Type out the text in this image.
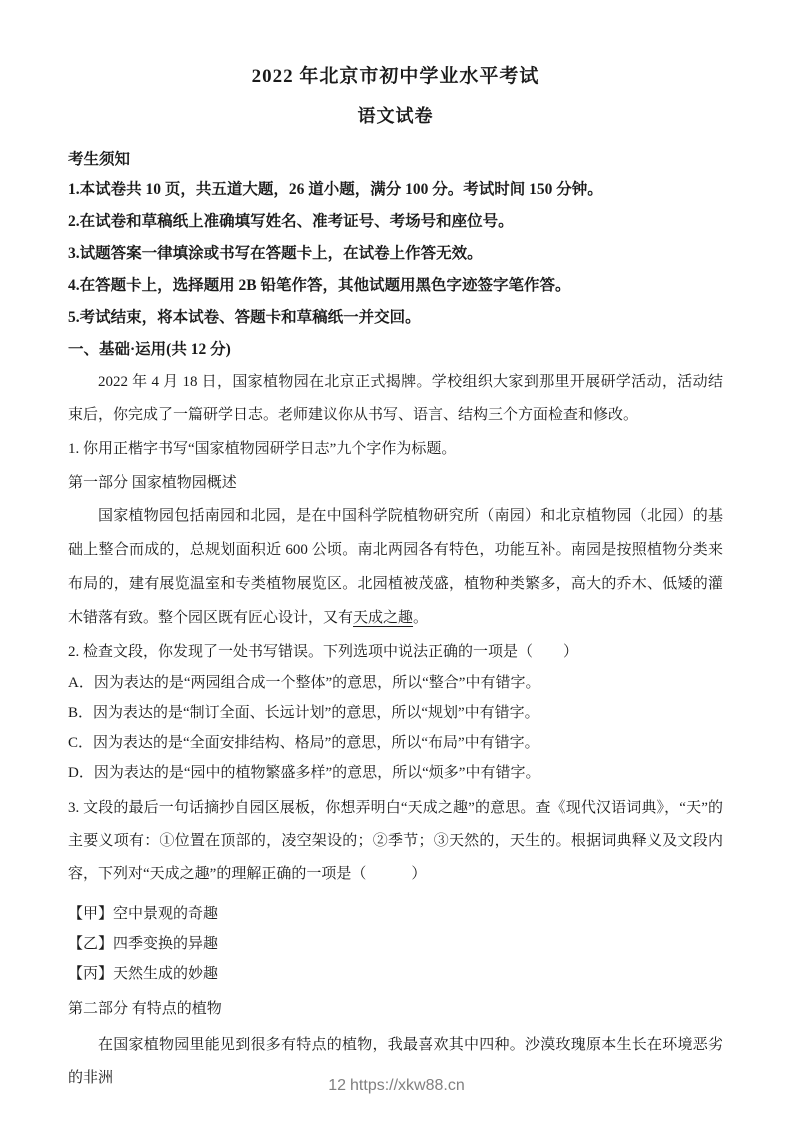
2022 年北京市初中学业水平考试
语文试卷
考生须知

1.本试卷共 10 页，共五道大题，26 道小题，满分 100 分。考试时间 150 分钟。

2.在试卷和草稿纸上准确填写姓名、准考证号、考场号和座位号。

3.试题答案一律填涂或书写在答题卡上，在试卷上作答无效。

4.在答题卡上，选择题用 2B 铅笔作答，其他试题用黑色字迹签字笔作答。

5.考试结束，将本试卷、答题卡和草稿纸一并交回。

一、基础·运用(共 12 分)

2022 年 4 月 18 日，国家植物园在北京正式揭牌。学校组织大家到那里开展研学活动，活动结束后，你完成了一篇研学日志。老师建议你从书写、语言、结构三个方面检查和修改。

1. 你用正楷字书写“国家植物园研学日志”九个字作为标题。

第一部分 国家植物园概述

国家植物园包括南园和北园，是在中国科学院植物研究所（南园）和北京植物园（北园）的基础上整合而成的，总规划面积近 600 公顷。南北两园各有特色，功能互补。南园是按照植物分类来布局的，建有展览温室和专类植物展览区。北园植被茂盛，植物种类繁多，高大的乔木、低矮的灌木错落有致。整个园区既有匠心设计，又有天成之趣。

2. 检查文段，你发现了一处书写错误。下列选项中说法正确的一项是（　　）

A．因为表达的是“两园组合成一个整体”的意思，所以“整合”中有错字。

B．因为表达的是“制订全面、长远计划”的意思，所以“规划”中有错字。

C．因为表达的是“全面安排结构、格局”的意思，所以“布局”中有错字。

D．因为表达的是“园中的植物繁盛多样”的意思，所以“烦多”中有错字。

3. 文段的最后一句话摘抄自园区展板，你想弄明白“天成之趣”的意思。查《现代汉语词典》，“天”的主要义项有：①位置在顶部的，凌空架设的；②季节；③天然的，天生的。根据词典释义及文段内容，下列对“天成之趣”的理解正确的一项是（　　　）

【甲】空中景观的奇趣

【乙】四季变换的异趣

【丙】天然生成的妙趣

第二部分 有特点的植物

在国家植物园里能见到很多有特点的植物，我最喜欢其中四种。沙漠玫瑰原本生长在环境恶劣的非洲	12 https://xkw88.cn
